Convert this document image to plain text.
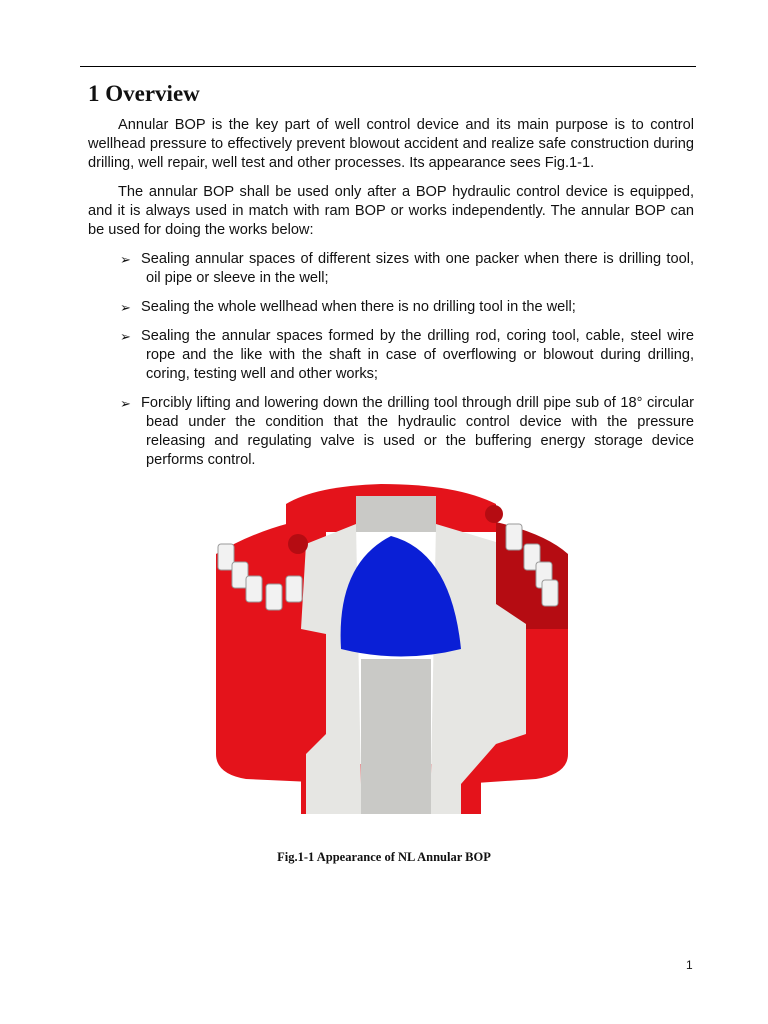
1 Overview

Annular BOP is the key part of well control device and its main purpose is to control wellhead pressure to effectively prevent blowout accident and realize safe construction during drilling, well repair, well test and other processes. Its appearance sees Fig.1-1.

The annular BOP shall be used only after a BOP hydraulic control device is equipped, and it is always used in match with ram BOP or works independently. The annular BOP can be used for doing the works below:

➢ Sealing annular spaces of different sizes with one packer when there is drilling tool, oil pipe or sleeve in the well;
➢ Sealing the whole wellhead when there is no drilling tool in the well;
➢ Sealing the annular spaces formed by the drilling rod, coring tool, cable, steel wire rope and the like with the shaft in case of overflowing or blowout during drilling, coring, testing well and other works;
➢ Forcibly lifting and lowering down the drilling tool through drill pipe sub of 18° circular bead under the condition that the hydraulic control device with the pressure releasing and regulating valve is used or the buffering energy storage device performs control.
Fig.1-1 Appearance of NL Annular BOP
1
